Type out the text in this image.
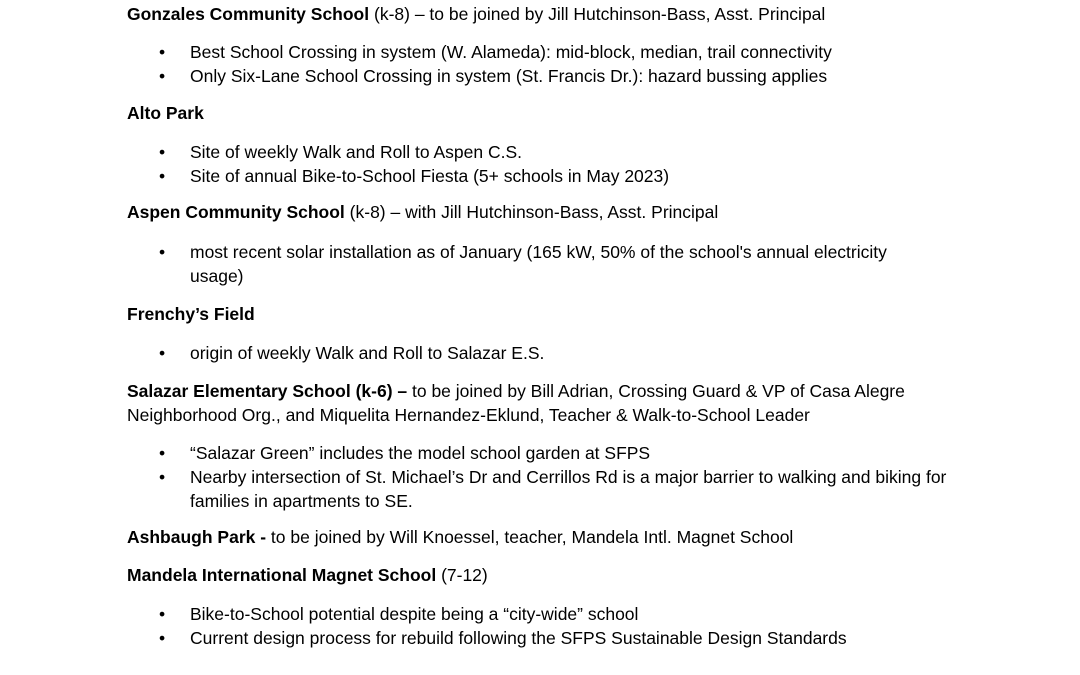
Gonzales Community School (k-8) – to be joined by Jill Hutchinson-Bass, Asst. Principal

• Best School Crossing in system (W. Alameda): mid-block, median, trail connectivity
• Only Six-Lane School Crossing in system (St. Francis Dr.): hazard bussing applies

Alto Park

• Site of weekly Walk and Roll to Aspen C.S.
• Site of annual Bike-to-School Fiesta (5+ schools in May 2023)

Aspen Community School (k-8) – with Jill Hutchinson-Bass, Asst. Principal

• most recent solar installation as of January (165 kW, 50% of the school's annual electricity usage)

Frenchy’s Field

• origin of weekly Walk and Roll to Salazar E.S.

Salazar Elementary School (k-6) – to be joined by Bill Adrian, Crossing Guard & VP of Casa Alegre Neighborhood Org., and Miquelita Hernandez-Eklund, Teacher & Walk-to-School Leader

• “Salazar Green” includes the model school garden at SFPS
• Nearby intersection of St. Michael’s Dr and Cerrillos Rd is a major barrier to walking and biking for families in apartments to SE.

Ashbaugh Park - to be joined by Will Knoessel, teacher, Mandela Intl. Magnet School

Mandela International Magnet School (7-12)

• Bike-to-School potential despite being a “city-wide” school
• Current design process for rebuild following the SFPS Sustainable Design Standards
